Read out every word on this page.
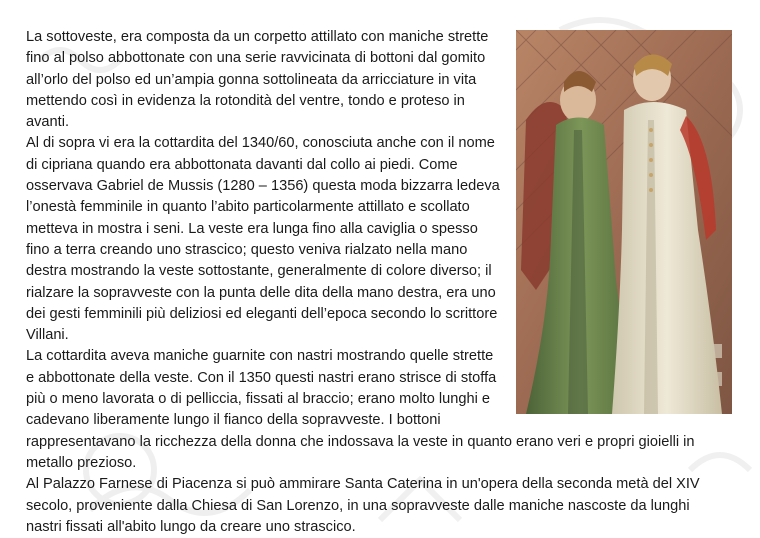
La sottoveste, era composta da un corpetto attillato con maniche strette fino al polso abbottonate con una serie ravvicinata di bottoni dal gomito all’orlo del polso ed un’ampia gonna sottolineata da arricciature in vita mettendo così in evidenza la rotondità del ventre, tondo e proteso in avanti.

Al di sopra vi era la cottardita del 1340/60, conosciuta anche con il nome di cipriana quando era abbottonata davanti dal collo ai piedi. Come osservava Gabriel de Mussis (1280 – 1356) questa moda bizzarra ledeva l’onestà femminile in quanto l’abito particolarmente attillato e scollato metteva in mostra i seni. La veste era lunga fino alla caviglia o spesso fino a terra creando uno strascico; questo veniva rialzato nella mano destra mostrando la veste sottostante, generalmente di colore diverso; il rialzare la sopravveste con la punta delle dita della mano destra, era uno dei gesti femminili più deliziosi ed eleganti dell’epoca secondo lo scrittore Villani.

La cottardita aveva maniche guarnite con nastri mostrando quelle strette e abbottonate della veste. Con il 1350 questi nastri erano strisce di stoffa più o meno lavorata o di pelliccia, fissati al braccio; erano molto lunghi e cadevano liberamente lungo il fianco della sopravveste. I bottoni rappresentavano la ricchezza della donna che indossava la veste in quanto erano veri e propri gioielli in metallo prezioso.

Al Palazzo Farnese di Piacenza si può ammirare Santa Caterina in un'opera della seconda metà del XIV secolo, proveniente dalla Chiesa di San Lorenzo, in una sopravveste dalle maniche nascoste da lunghi nastri fissati all'abito lungo da creare uno strascico.
